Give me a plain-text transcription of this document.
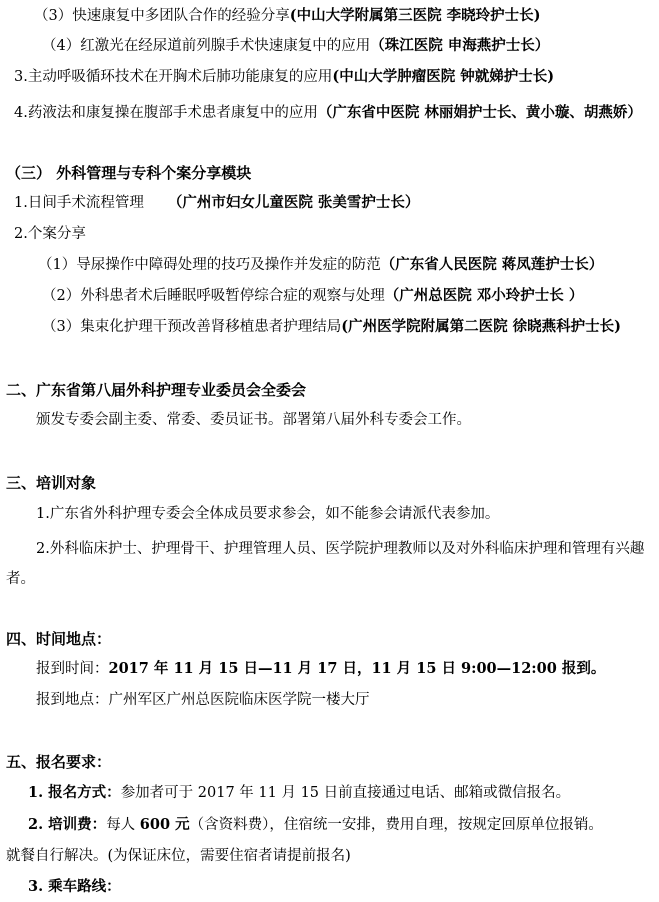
（3）快速康复中多团队合作的经验分享(中山大学附属第三医院 李晓玲护士长)
（4）红激光在经尿道前列腺手术快速康复中的应用（珠江医院 申海燕护士长）
3.主动呼吸循环技术在开胸术后肺功能康复的应用(中山大学肿瘤医院 钟就娣护士长)
4.药液法和康复操在腹部手术患者康复中的应用（广东省中医院 林丽娟护士长、黄小璇、胡燕娇）
（三） 外科管理与专科个案分享模块
1.日间手术流程管理 （广州市妇女儿童医院 张美雪护士长）
2.个案分享
（1）导尿操作中障碍处理的技巧及操作并发症的防范（广东省人民医院 蒋凤莲护士长）
（2）外科患者术后睡眠呼吸暂停综合症的观察与处理（广州总医院 邓小玲护士长 ）
（3）集束化护理干预改善肾移植患者护理结局(广州医学院附属第二医院 徐晓燕科护士长)
二、广东省第八届外科护理专业委员会全委会
颁发专委会副主委、常委、委员证书。部署第八届外科专委会工作。
三、培训对象
1.广东省外科护理专委会全体成员要求参会，如不能参会请派代表参加。
2.外科临床护士、护理骨干、护理管理人员、医学院护理教师以及对外科临床护理和管理有兴趣者。
四、时间地点：
报到时间：2017 年 11 月 15 日—11 月 17 日，11 月 15 日 9:00—12:00 报到。
报到地点：广州军区广州总医院临床医学院一楼大厅
五、报名要求：
1. 报名方式：参加者可于 2017 年 11 月 15 日前直接通过电话、邮箱或微信报名。
2. 培训费：每人 600 元（含资料费），住宿统一安排，费用自理，按规定回原单位报销。
就餐自行解决。(为保证床位，需要住宿者请提前报名)
3. 乘车路线：
